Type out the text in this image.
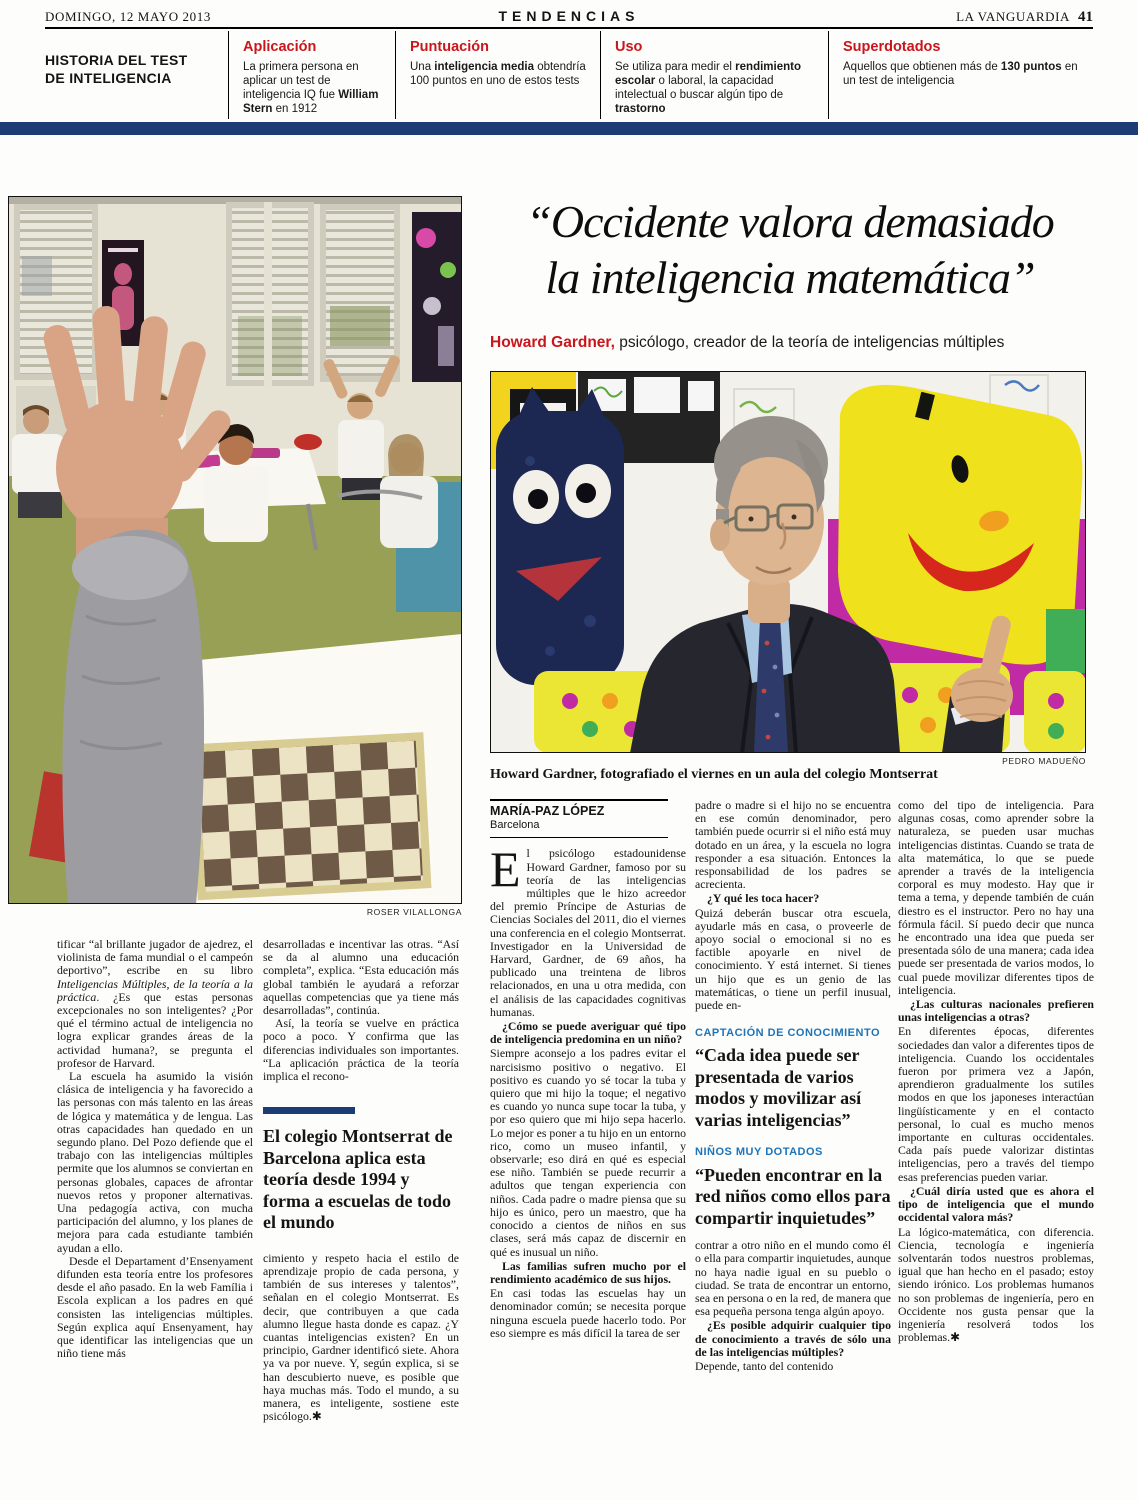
DOMINGO, 12 MAYO 2013	TENDENCIAS	LA VANGUARDIA 41
HISTORIA DEL TEST DE INTELIGENCIA
Aplicación
La primera persona en aplicar un test de inteligencia IQ fue William Stern en 1912
Puntuación
Una inteligencia media obtendría 100 puntos en uno de estos tests
Uso
Se utiliza para medir el rendimiento escolar o laboral, la capacidad intelectual o buscar algún tipo de trastorno
Superdotados
Aquellos que obtienen más de 130 puntos en un test de inteligencia
ROSER VILALLONGA
“Occidente valora demasiado
la inteligencia matemática”

Howard Gardner, psicólogo, creador de la teoría de inteligencias múltiples

PEDRO MADUEÑO

Howard Gardner, fotografiado el viernes en un aula del colegio Montserrat

tificar “al brillante jugador de ajedrez, el violinista de fama mundial o el campeón deportivo”, escribe en su libro Inteligencias Múltiples, de la teoría a la práctica. ¿Es que estas personas excepcionales no son inteligentes? ¿Por qué el término actual de inteligencia no logra explicar grandes áreas de la actividad humana?, se pregunta el profesor de Harvard.
La escuela ha asumido la visión clásica de inteligencia y ha favorecido a las personas con más talento en las áreas de lógica y matemática y de lengua. Las otras capacidades han quedado en un segundo plano. Del Pozo defiende que el trabajo con las inteligencias múltiples permite que los alumnos se conviertan en personas globales, capaces de afrontar nuevos retos y proponer alternativas. Una pedagogía activa, con mucha participación del alumno, y los planes de mejora para cada estudiante también ayudan a ello.
Desde el Departament d’Ensenyament difunden esta teoría entre los profesores desde el año pasado. En la web Família i Escola explican a los padres en qué consisten las inteligencias múltiples. Según explica aquí Ensenyament, hay que identificar las inteligencias que un niño tiene más
desarrolladas e incentivar las otras. “Así se da al alumno una educación completa”, explica. “Esta educación más global también le ayudará a reforzar aquellas competencias que ya tiene más desarrolladas”, continúa.
Así, la teoría se vuelve en práctica poco a poco. Y confirma que las diferencias individuales son importantes. “La aplicación práctica de la teoría implica el recono-
El colegio Montserrat de Barcelona aplica esta teoría desde 1994 y forma a escuelas de todo el mundo
cimiento y respeto hacia el estilo de aprendizaje propio de cada persona, y también de sus intereses y talentos”, señalan en el colegio Montserrat. Es decir, que contribuyen a que cada alumno llegue hasta donde es capaz. ¿Y cuantas inteligencias existen? En un principio, Gardner identificó siete. Ahora ya va por nueve. Y, según explica, si se han descubierto nueve, es posible que haya muchas más. Todo el mundo, a su manera, es inteligente, sostiene este psicólogo.✱
MARÍA-PAZ LÓPEZ
Barcelona
El psicólogo estadounidense Howard Gardner, famoso por su teoría de las inteligencias múltiples que le hizo acreedor del premio Príncipe de Asturias de Ciencias Sociales del 2011, dio el viernes una conferencia en el colegio Montserrat. Investigador en la Universidad de Harvard, Gardner, de 69 años, ha publicado una treintena de libros relacionados, en una u otra medida, con el análisis de las capacidades cognitivas humanas.
¿Cómo se puede averiguar qué tipo de inteligencia predomina en un niño?
Siempre aconsejo a los padres evitar el narcisismo positivo o negativo. El positivo es cuando yo sé tocar la tuba y quiero que mi hijo la toque; el negativo es cuando yo nunca supe tocar la tuba, y por eso quiero que mi hijo sepa hacerlo. Lo mejor es poner a tu hijo en un entorno rico, como un museo infantil, y observarle; eso dirá en qué es especial ese niño. También se puede recurrir a adultos que tengan experiencia con niños. Cada padre o madre piensa que su hijo es único, pero un maestro, que ha conocido a cientos de niños en sus clases, será más capaz de discernir en qué es inusual un niño.
Las familias sufren mucho por el rendimiento académico de sus hijos.
En casi todas las escuelas hay un denominador común; se necesita porque ninguna escuela puede hacerlo todo. Por eso siempre es más difícil la tarea de ser
padre o madre si el hijo no se encuentra en ese común denominador, pero también puede ocurrir si el niño está muy dotado en un área, y la escuela no logra responder a esa situación. Entonces la responsabilidad de los padres se acrecienta.
¿Y qué les toca hacer?
Quizá deberán buscar otra escuela, ayudarle más en casa, o proveerle de apoyo social o emocional si no es factible apoyarle en nivel de conocimiento. Y está internet. Si tienes un hijo que es un genio de las matemáticas, o tiene un perfil inusual, puede en-
CAPTACIÓN DE CONOCIMIENTO
“Cada idea puede ser presentada de varios modos y movilizar así varias inteligencias”
NIÑOS MUY DOTADOS
“Pueden encontrar en la red niños como ellos para compartir inquietudes”
contrar a otro niño en el mundo como él o ella para compartir inquietudes, aunque no haya nadie igual en su pueblo o ciudad. Se trata de encontrar un entorno, sea en persona o en la red, de manera que esa pequeña persona tenga algún apoyo.
¿Es posible adquirir cualquier tipo de conocimiento a través de sólo una de las inteligencias múltiples?
Depende, tanto del contenido
como del tipo de inteligencia. Para algunas cosas, como aprender sobre la naturaleza, se pueden usar muchas inteligencias distintas. Cuando se trata de alta matemática, lo que se puede aprender a través de la inteligencia corporal es muy modesto. Hay que ir tema a tema, y depende también de cuán diestro es el instructor. Pero no hay una fórmula fácil. Sí puedo decir que nunca he encontrado una idea que pueda ser presentada sólo de una manera; cada idea puede ser presentada de varios modos, lo cual puede movilizar diferentes tipos de inteligencia.
¿Las culturas nacionales prefieren unas inteligencias a otras?
En diferentes épocas, diferentes sociedades dan valor a diferentes tipos de inteligencia. Cuando los occidentales fueron por primera vez a Japón, aprendieron gradualmente los sutiles modos en que los japoneses interactúan lingüísticamente y en el contacto personal, lo cual es mucho menos importante en culturas occidentales. Cada país puede valorizar distintas inteligencias, pero a través del tiempo esas preferencias pueden variar.
¿Cuál diría usted que es ahora el tipo de inteligencia que el mundo occidental valora más?
La lógico-matemática, con diferencia. Ciencia, tecnología e ingeniería solventarán todos nuestros problemas, igual que han hecho en el pasado; estoy siendo irónico. Los problemas humanos no son problemas de ingeniería, pero en Occidente nos gusta pensar que la ingeniería resolverá todos los problemas.✱
